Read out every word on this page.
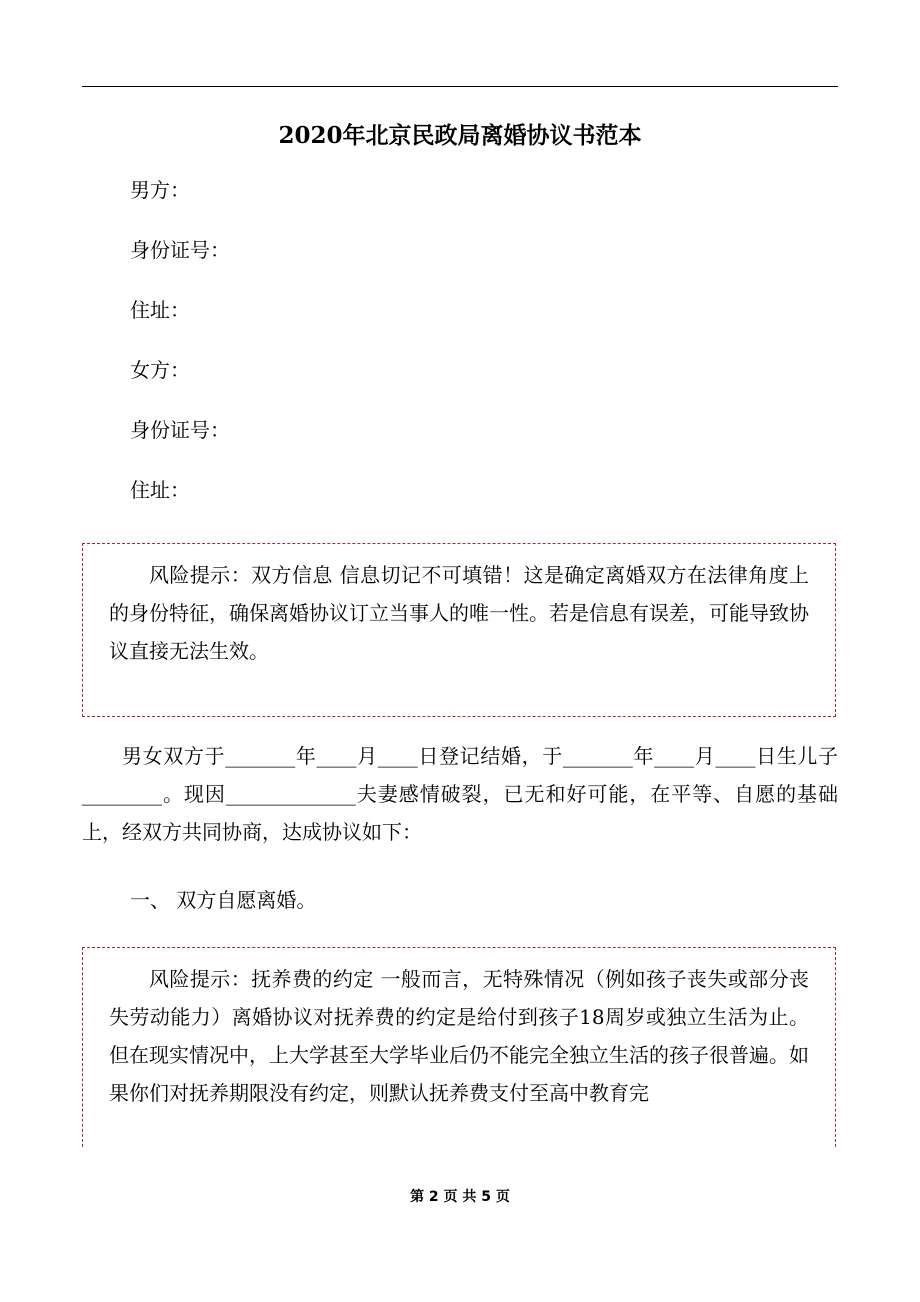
2020年北京民政局离婚协议书范本

男方：

身份证号：

住址：

女方：

身份证号：

住址：

风险提示：双方信息 信息切记不可填错！这是确定离婚双方在法律角度上的身份特征，确保离婚协议订立当事人的唯一性。若是信息有误差，可能导致协议直接无法生效。

男女双方于_______年____月____日登记结婚，于_______年____月____日生儿子________。现因_____________夫妻感情破裂，已无和好可能，在平等、自愿的基础上，经双方共同协商，达成协议如下：

一、 双方自愿离婚。

风险提示：抚养费的约定 一般而言，无特殊情况（例如孩子丧失或部分丧失劳动能力）离婚协议对抚养费的约定是给付到孩子18周岁或独立生活为止。但在现实情况中，上大学甚至大学毕业后仍不能完全独立生活的孩子很普遍。如果你们对抚养期限没有约定，则默认抚养费支付至高中教育完

第 2 页 共 5 页
